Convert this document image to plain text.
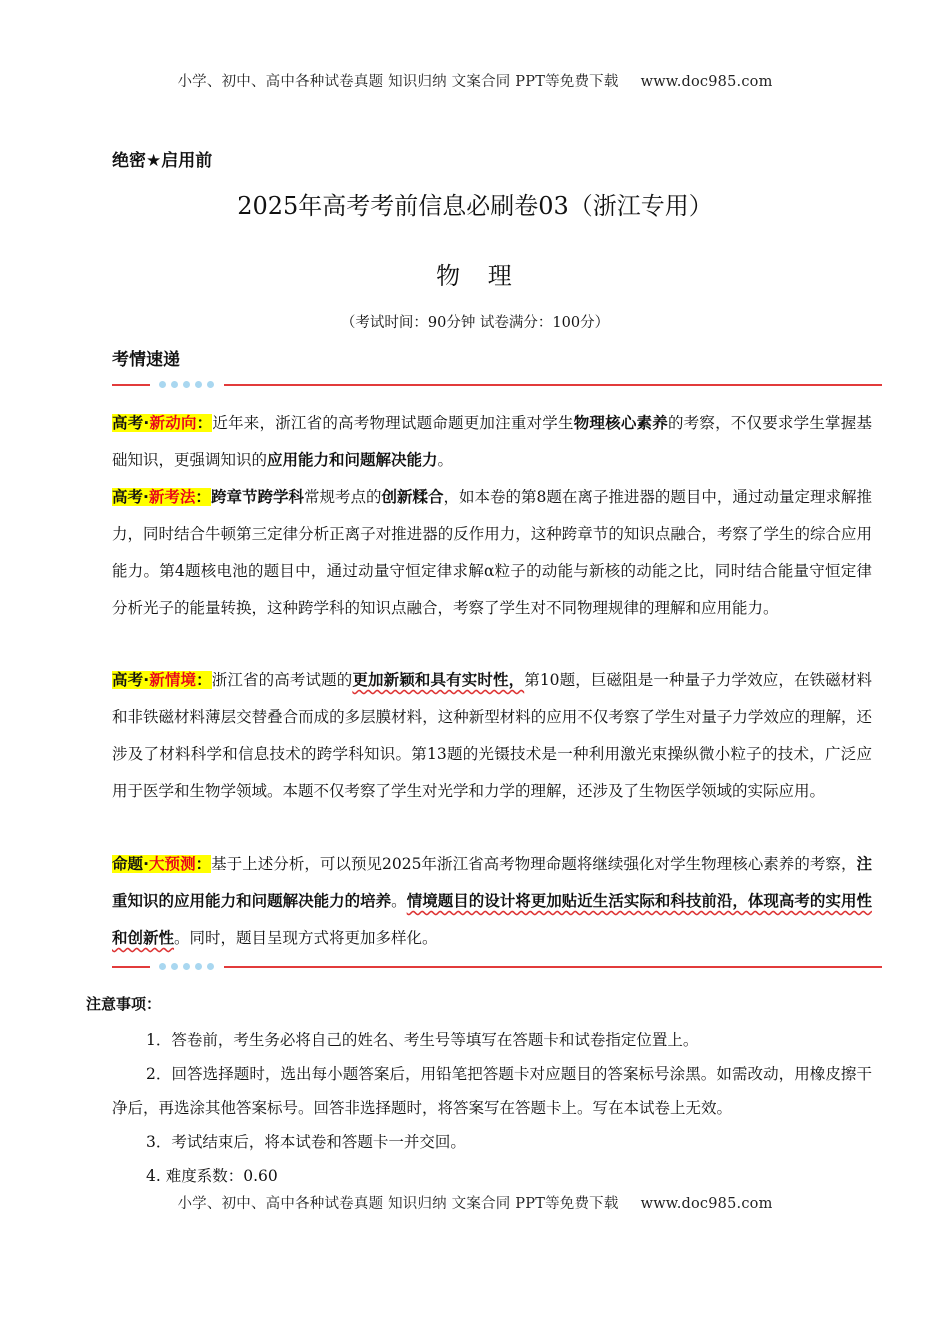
小学、初中、高中各种试卷真题 知识归纳 文案合同 PPT等免费下载 www.doc985.com
绝密★启用前
2025年高考考前信息必刷卷03（浙江专用）
物 理
（考试时间：90分钟 试卷满分：100分）
考情速递
高考·新动向：近年来，浙江省的高考物理试题命题更加注重对学生物理核心素养的考察，不仅要求学生掌握基础知识，更强调知识的应用能力和问题解决能力。
高考·新考法：跨章节跨学科常规考点的创新糅合，如本卷的第8题在离子推进器的题目中，通过动量定理求解推力，同时结合牛顿第三定律分析正离子对推进器的反作用力，这种跨章节的知识点融合，考察了学生的综合应用能力。第4题核电池的题目中，通过动量守恒定律求解α粒子的动能与新核的动能之比，同时结合能量守恒定律分析光子的能量转换，这种跨学科的知识点融合，考察了学生对不同物理规律的理解和应用能力。
高考·新情境：浙江省的高考试题的更加新颖和具有实时性，第10题，巨磁阻是一种量子力学效应，在铁磁材料和非铁磁材料薄层交替叠合而成的多层膜材料，这种新型材料的应用不仅考察了学生对量子力学效应的理解，还涉及了材料科学和信息技术的跨学科知识。第13题的光镊技术是一种利用激光束操纵微小粒子的技术，广泛应用于医学和生物学领域。本题不仅考察了学生对光学和力学的理解，还涉及了生物医学领域的实际应用。
命题·大预测：基于上述分析，可以预见2025年浙江省高考物理命题将继续强化对学生物理核心素养的考察，注重知识的应用能力和问题解决能力的培养。情境题目的设计将更加贴近生活实际和科技前沿，体现高考的实用性和创新性。同时，题目呈现方式将更加多样化。
注意事项：
1．答卷前，考生务必将自己的姓名、考生号等填写在答题卡和试卷指定位置上。
2．回答选择题时，选出每小题答案后，用铅笔把答题卡对应题目的答案标号涂黑。如需改动，用橡皮擦干净后，再选涂其他答案标号。回答非选择题时，将答案写在答题卡上。写在本试卷上无效。
3．考试结束后，将本试卷和答题卡一并交回。
4. 难度系数：0.60
小学、初中、高中各种试卷真题 知识归纳 文案合同 PPT等免费下载 www.doc985.com
